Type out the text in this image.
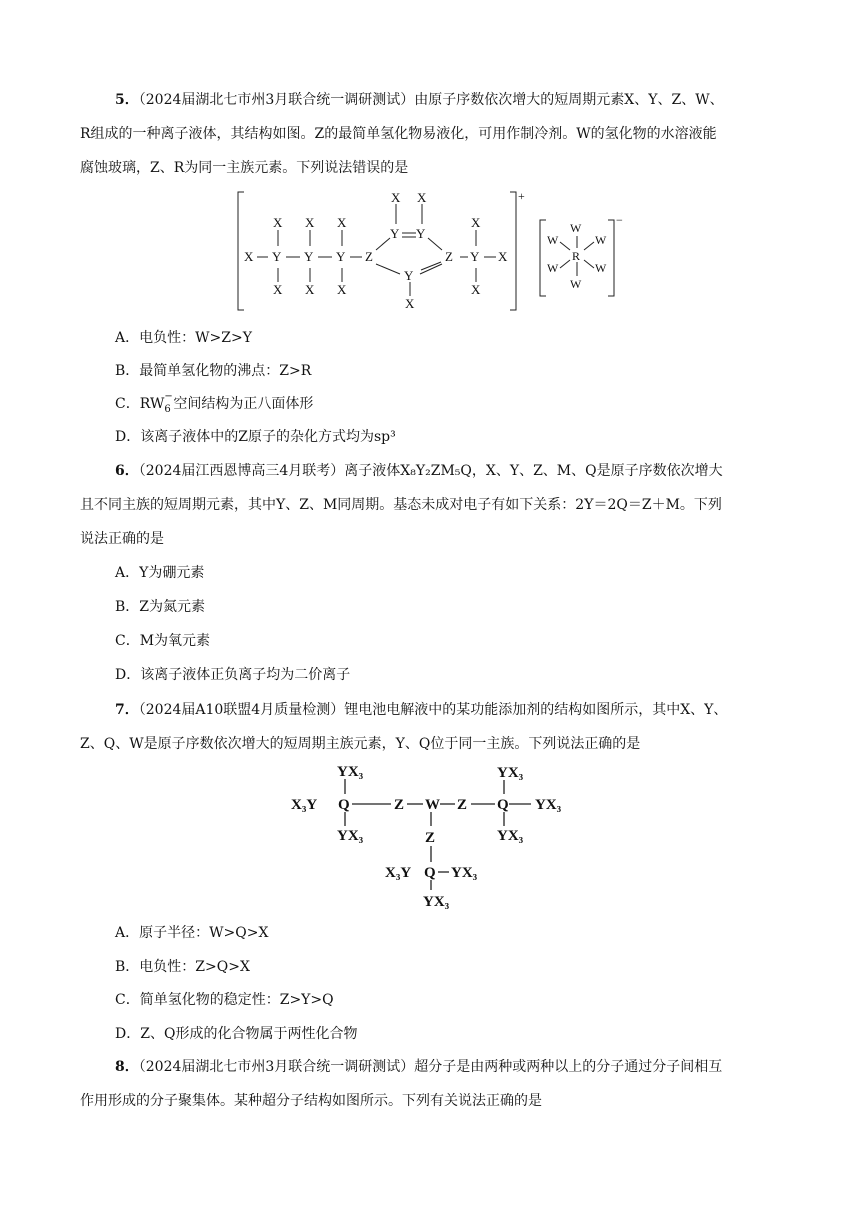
5．（2024届湖北七市州3月联合统一调研测试）由原子序数依次增大的短周期元素X、Y、Z、W、
R组成的一种离子液体，其结构如图。Z的最简单氢化物易液化，可用作制冷剂。W的氢化物的水溶液能
腐蚀玻璃，Z、R为同一主族元素。下列说法错误的是
X Y
X
X
Y
X
X
Y
X
X
Z
X X
Y Y
Y
X
Z Y
X
X
X
+
W
W	W
R
W	W
W
−
A．电负性：W>Z>Y
B．最简单氢化物的沸点：Z>R
C．RW −
6 空间结构为正八面体形
D．该离子液体中的Z原子的杂化方式均为sp³
6．（2024届江西恩博高三4月联考）离子液体X₈Y₂ZM₅Q，X、Y、Z、M、Q是原子序数依次增大
且不同主族的短周期元素，其中Y、Z、M同周期。基态未成对电子有如下关系：2Y＝2Q＝Z＋M。下列
说法正确的是
A．Y为硼元素
B．Z为氮元素
C．M为氧元素
D．该离子液体正负离子均为二价离子
7．（2024届A10联盟4月质量检测）锂电池电解液中的某功能添加剂的结构如图所示，其中X、Y、
Z、Q、W是原子序数依次增大的短周期主族元素，Y、Q位于同一主族。下列说法正确的是
YX₃
X₃Y Q
YX₃
Z W Z
YX₃
Q YX₃
YX₃
Z
X₃Y Q YX₃
YX₃
A．原子半径：W>Q>X
B．电负性：Z>Q>X
C．简单氢化物的稳定性：Z>Y>Q
D．Z、Q形成的化合物属于两性化合物
8．（2024届湖北七市州3月联合统一调研测试）超分子是由两种或两种以上的分子通过分子间相互
作用形成的分子聚集体。某种超分子结构如图所示。下列有关说法正确的是
